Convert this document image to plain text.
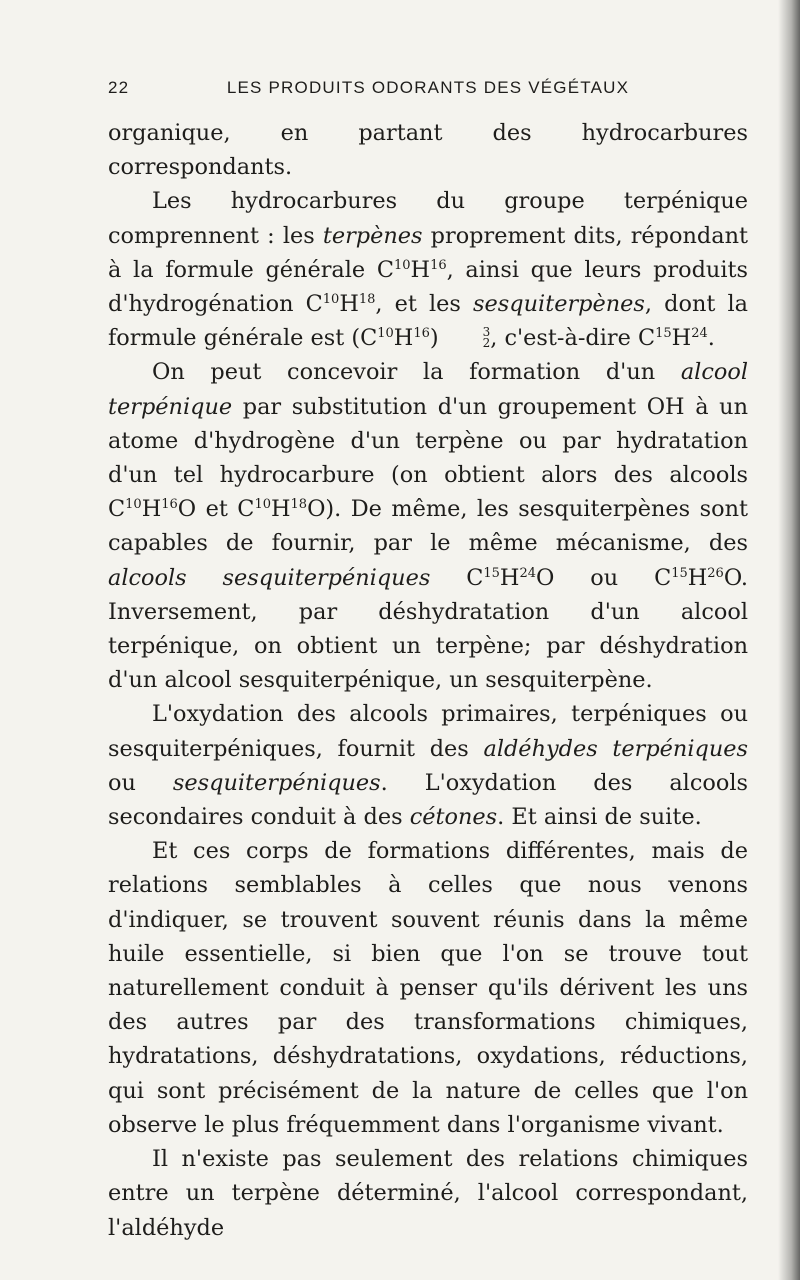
22	LES PRODUITS ODORANTS DES VÉGÉTAUX

organique, en partant des hydrocarbures correspondants.

Les hydrocarbures du groupe terpénique comprennent : les terpènes proprement dits, répondant à la formule générale $C^{10}H^{16}$, ainsi que leurs produits d'hydrogénation $C^{10}H^{18}$, et les sesquiterpènes, dont la formule générale est $(C^{10}H^{16})$	3
2 , c'est-à-dire $C^{15}H^{24}$.

On peut concevoir la formation d'un alcool terpénique par substitution d'un groupement OH à un atome d'hydrogène d'un terpène ou par hydratation d'un tel hydrocarbure (on obtient alors des alcools $C^{10}H^{16}O$ et $C^{10}H^{18}O$). De même, les sesquiterpènes sont capables de fournir, par le même mécanisme, des alcools sesquiterpéniques $C^{15}H^{24}O$ ou $C^{15}H^{26}O$. Inversement, par déshydratation d'un alcool terpénique, on obtient un terpène; par déshydration d'un alcool sesquiterpénique, un sesquiterpène.

L'oxydation des alcools primaires, terpéniques ou sesquiterpéniques, fournit des aldéhydes terpéniques ou sesquiterpéniques. L'oxydation des alcools secondaires conduit à des cétones. Et ainsi de suite.

Et ces corps de formations différentes, mais de relations semblables à celles que nous venons d'indiquer, se trouvent souvent réunis dans la même huile essentielle, si bien que l'on se trouve tout naturellement conduit à penser qu'ils dérivent les uns des autres par des transformations chimiques, hydratations, déshydratations, oxydations, réductions, qui sont précisément de la nature de celles que l'on observe le plus fréquemment dans l'organisme vivant.

Il n'existe pas seulement des relations chimiques entre un terpène déterminé, l'alcool correspondant, l'aldéhyde
